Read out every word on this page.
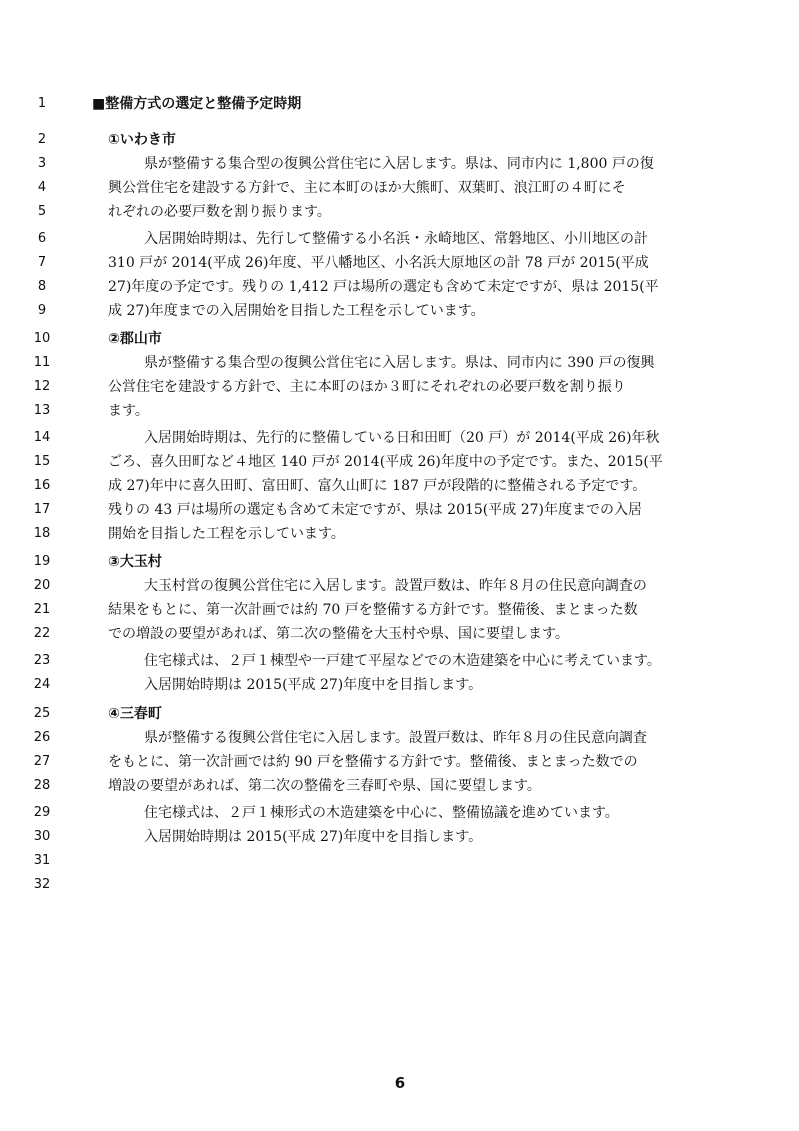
6
1	■整備方式の選定と整備予定時期
2	①いわき市
3	県が整備する集合型の復興公営住宅に入居します。県は、同市内に 1,800 戸の復
4	興公営住宅を建設する方針で、主に本町のほか大熊町、双葉町、浪江町の４町にそ
5	れぞれの必要戸数を割り振ります。
6	入居開始時期は、先行して整備する小名浜・永崎地区、常磐地区、小川地区の計
7	310 戸が 2014(平成 26)年度、平八幡地区、小名浜大原地区の計 78 戸が 2015(平成
8	27)年度の予定です。残りの 1,412 戸は場所の選定も含めて未定ですが、県は 2015(平
9	成 27)年度までの入居開始を目指した工程を示しています。
10	②郡山市
11	県が整備する集合型の復興公営住宅に入居します。県は、同市内に 390 戸の復興
12	公営住宅を建設する方針で、主に本町のほか３町にそれぞれの必要戸数を割り振り
13	ます。
14	入居開始時期は、先行的に整備している日和田町（20 戸）が 2014(平成 26)年秋
15	ごろ、喜久田町など４地区 140 戸が 2014(平成 26)年度中の予定です。また、2015(平
16	成 27)年中に喜久田町、富田町、富久山町に 187 戸が段階的に整備される予定です。
17	残りの 43 戸は場所の選定も含めて未定ですが、県は 2015(平成 27)年度までの入居
18	開始を目指した工程を示しています。
19	③大玉村
20	大玉村営の復興公営住宅に入居します。設置戸数は、昨年８月の住民意向調査の
21	結果をもとに、第一次計画では約 70 戸を整備する方針です。整備後、まとまった数
22	での増設の要望があれば、第二次の整備を大玉村や県、国に要望します。
23	住宅様式は、２戸１棟型や一戸建て平屋などでの木造建築を中心に考えています。
24	入居開始時期は 2015(平成 27)年度中を目指します。
25	④三春町
26	県が整備する復興公営住宅に入居します。設置戸数は、昨年８月の住民意向調査
27	をもとに、第一次計画では約 90 戸を整備する方針です。整備後、まとまった数での
28	増設の要望があれば、第二次の整備を三春町や県、国に要望します。
29	住宅様式は、２戸１棟形式の木造建築を中心に、整備協議を進めています。
30	入居開始時期は 2015(平成 27)年度中を目指します。
31
32
